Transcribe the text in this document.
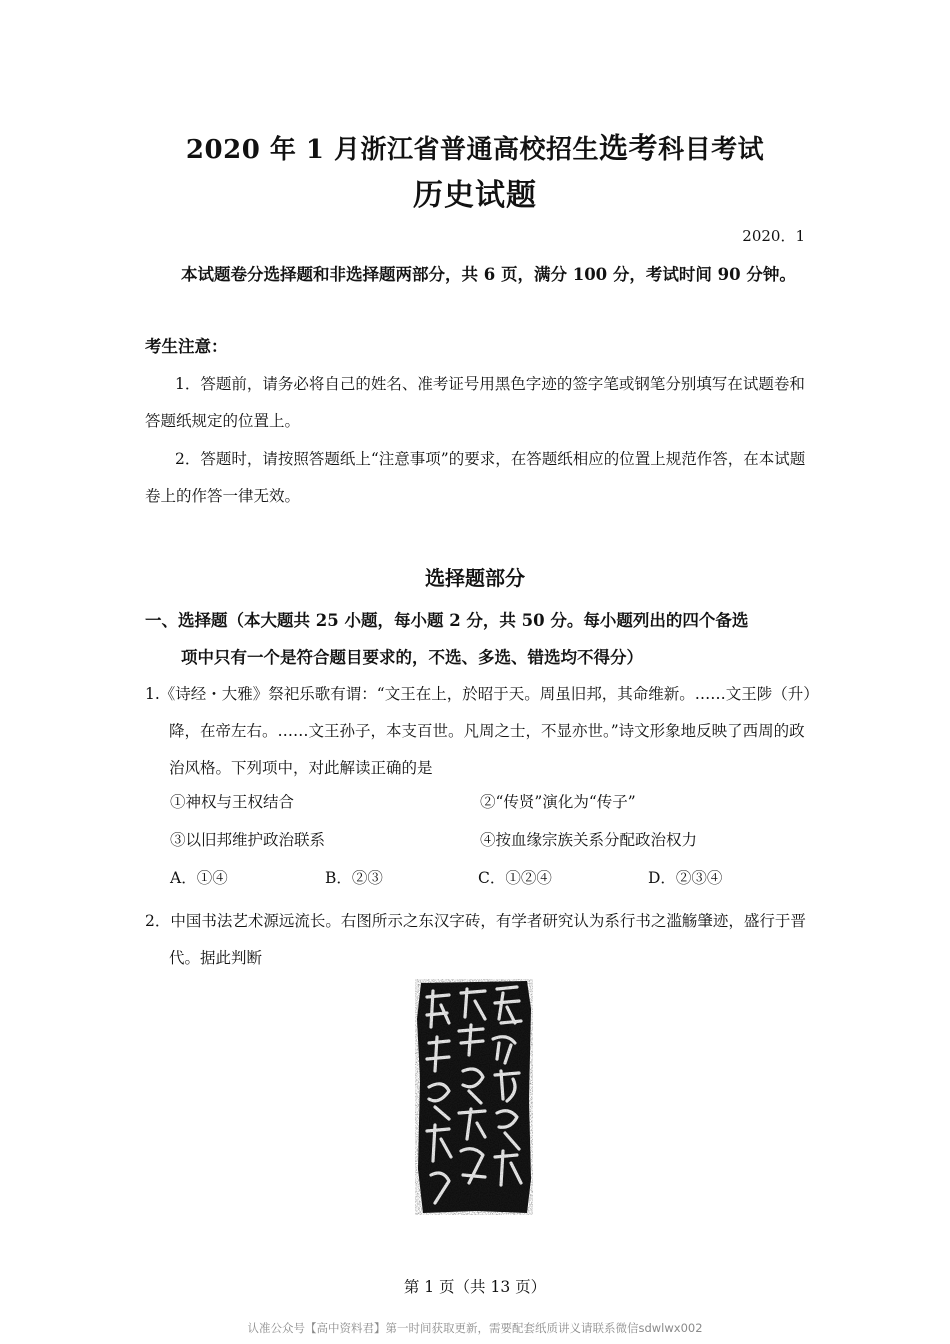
2020 年 1 月浙江省普通高校招生选考科目考试
历史试题
2020．1
本试题卷分选择题和非选择题两部分，共 6 页，满分 100 分，考试时间 90 分钟。
考生注意：
1．答题前，请务必将自己的姓名、准考证号用黑色字迹的签字笔或钢笔分别填写在试题卷和答题纸规定的位置上。
2．答题时，请按照答题纸上“注意事项”的要求，在答题纸相应的位置上规范作答，在本试题卷上的作答一律无效。
选择题部分
一、选择题（本大题共 25 小题，每小题 2 分，共 50 分。每小题列出的四个备选
项中只有一个是符合题目要求的，不选、多选、错选均不得分）
1.《诗经・大雅》祭祀乐歌有谓：“文王在上，於昭于天。周虽旧邦，其命维新。……文王陟（升）降，在帝左右。……文王孙子，本支百世。凡周之士，不显亦世。”诗文形象地反映了西周的政治风格。下列项中，对此解读正确的是
①神权与王权结合	②“传贤”演化为“传子”
③以旧邦维护政治联系	④按血缘宗族关系分配政治权力
A．①④	B．②③	C．①②④	D．②③④
2．中国书法艺术源远流长。右图所示之东汉字砖，有学者研究认为系行书之滥觞肇迹，盛行于晋代。据此判断
第 1 页（共 13 页）
认准公众号【高中资料君】第一时间获取更新，需要配套纸质讲义请联系微信sdwlwx002
